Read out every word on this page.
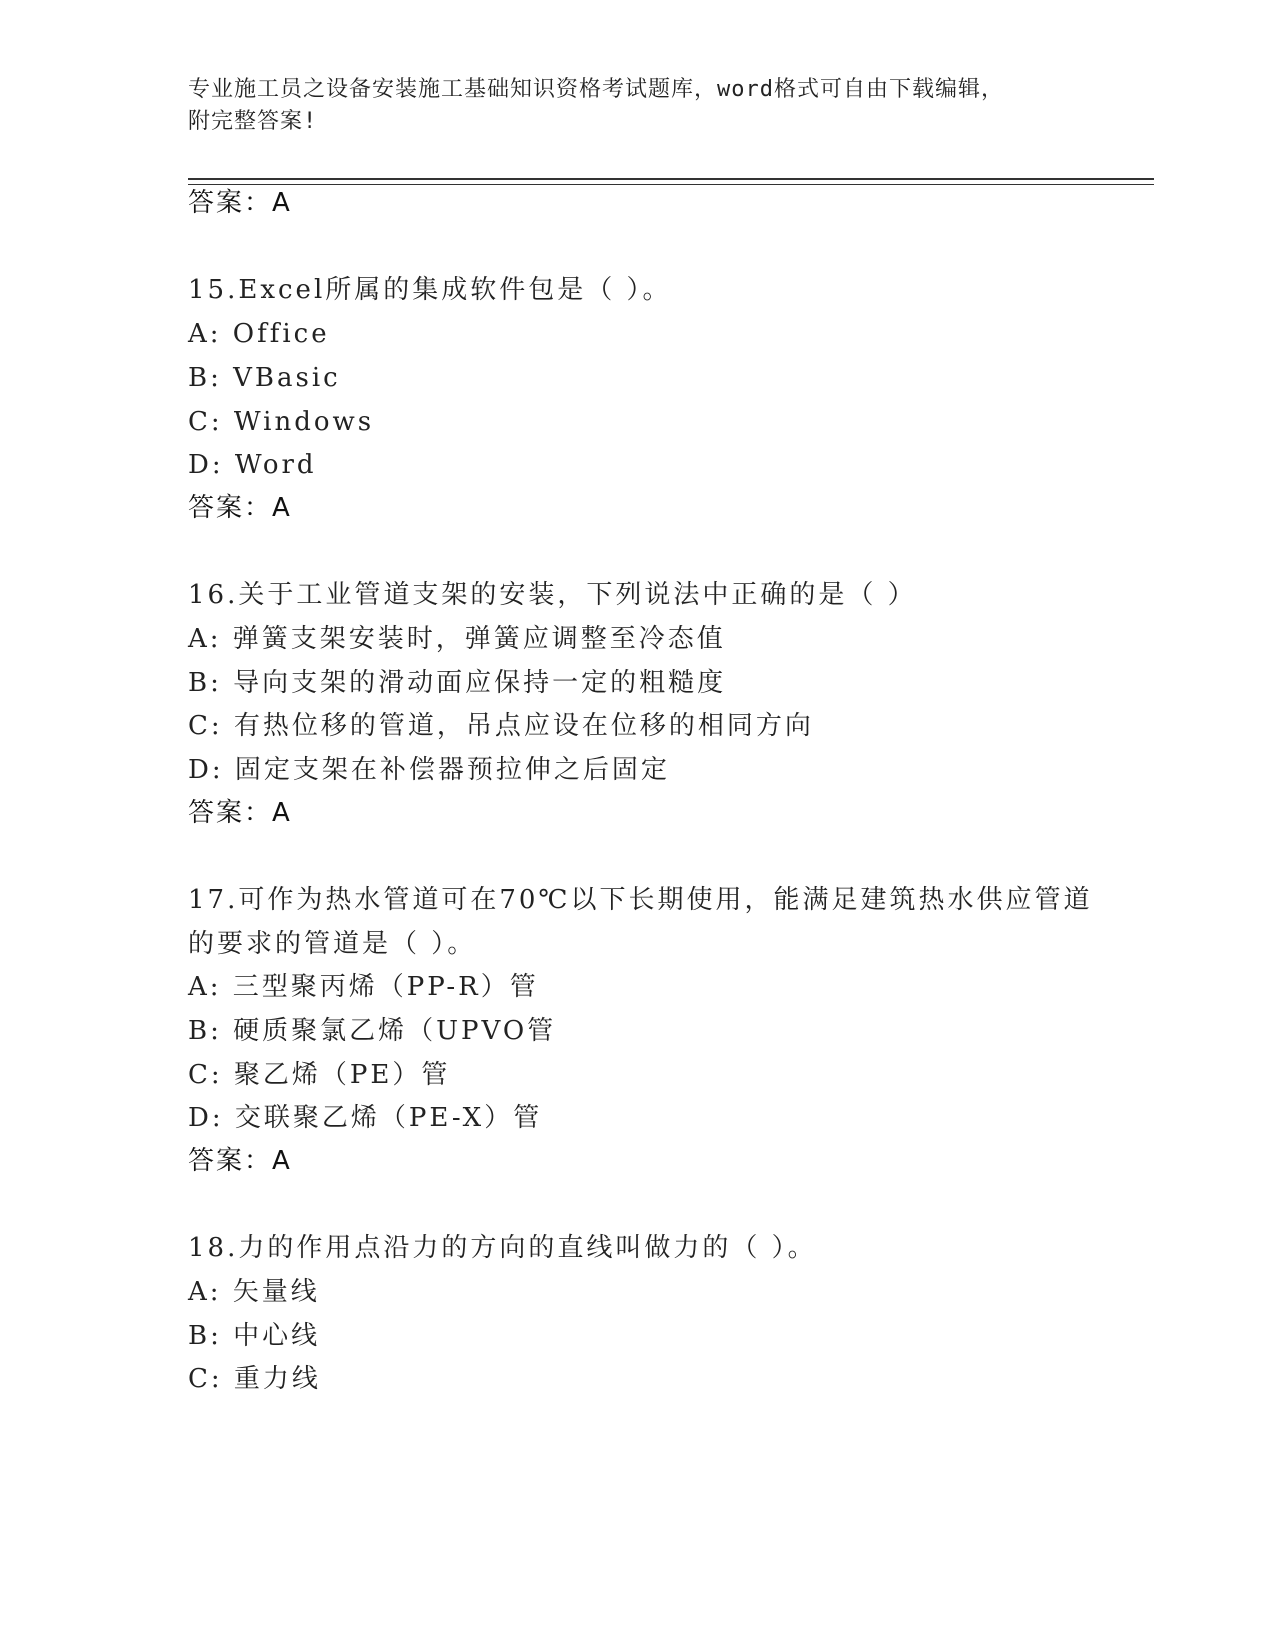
专业施工员之设备安装施工基础知识资格考试题库，word格式可自由下载编辑，
附完整答案!
答案：A
15.Excel所属的集成软件包是（ ）。
A: Office
B: VBasic
C: Windows
D: Word
答案：A
16.关于工业管道支架的安装，下列说法中正确的是（ ）
A: 弹簧支架安装时，弹簧应调整至冷态值
B: 导向支架的滑动面应保持一定的粗糙度
C: 有热位移的管道，吊点应设在位移的相同方向
D: 固定支架在补偿器预拉伸之后固定
答案：A
17.可作为热水管道可在70℃以下长期使用，能满足建筑热水供应管道
的要求的管道是（ ）。
A: 三型聚丙烯（PP-R）管
B: 硬质聚氯乙烯（UPVO管
C: 聚乙烯（PE）管
D: 交联聚乙烯（PE-X）管
答案：A
18.力的作用点沿力的方向的直线叫做力的（ ）。
A: 矢量线
B: 中心线
C: 重力线
